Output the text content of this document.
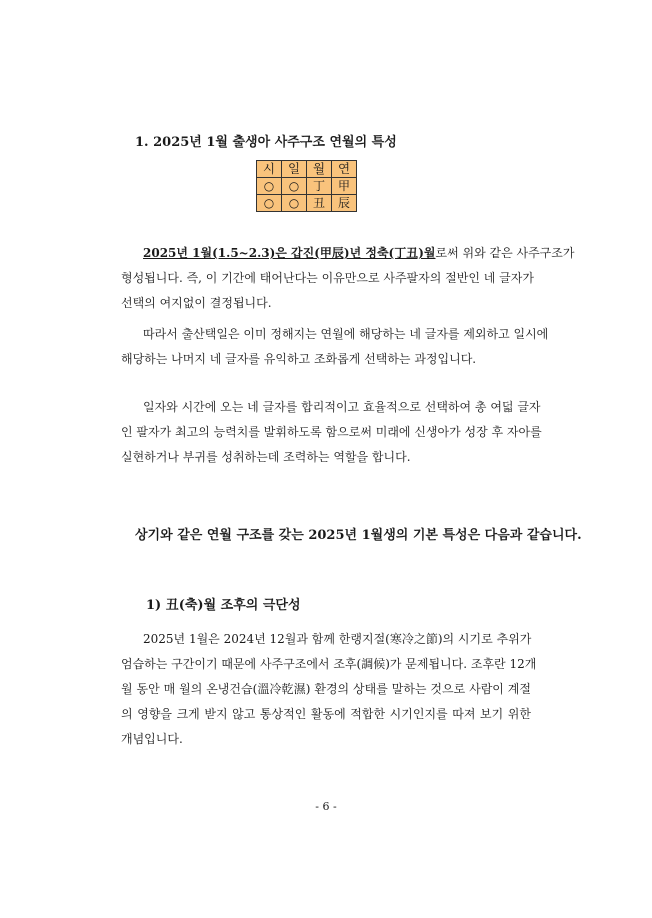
1. 2025년 1월 출생아 사주구조 연월의 특성
시	일	월	연
○	○	丁	甲
○	○	丑	辰
2025년 1월(1.5~2.3)은 갑진(甲辰)년 정축(丁丑)월로써 위와 같은 사주구조가
형성됩니다. 즉, 이 기간에 태어난다는 이유만으로 사주팔자의 절반인 네 글자가
선택의 여지없이 결정됩니다.
따라서 출산택일은 이미 정해지는 연월에 해당하는 네 글자를 제외하고 일시에
해당하는 나머지 네 글자를 유익하고 조화롭게 선택하는 과정입니다.
일자와 시간에 오는 네 글자를 합리적이고 효율적으로 선택하여 총 여덟 글자
인 팔자가 최고의 능력치를 발휘하도록 함으로써 미래에 신생아가 성장 후 자아를
실현하거나 부귀를 성취하는데 조력하는 역할을 합니다.
상기와 같은 연월 구조를 갖는 2025년 1월생의 기본 특성은 다음과 같습니다.
1) 丑(축)월 조후의 극단성
2025년 1월은 2024년 12월과 함께 한랭지절(寒冷之節)의 시기로 추위가
엄습하는 구간이기 때문에 사주구조에서 조후(調候)가 문제됩니다. 조후란 12개
월 동안 매 월의 온냉건습(溫冷乾濕) 환경의 상태를 말하는 것으로 사람이 계절
의 영향을 크게 받지 않고 통상적인 활동에 적합한 시기인지를 따져 보기 위한
개념입니다.
- 6 -
